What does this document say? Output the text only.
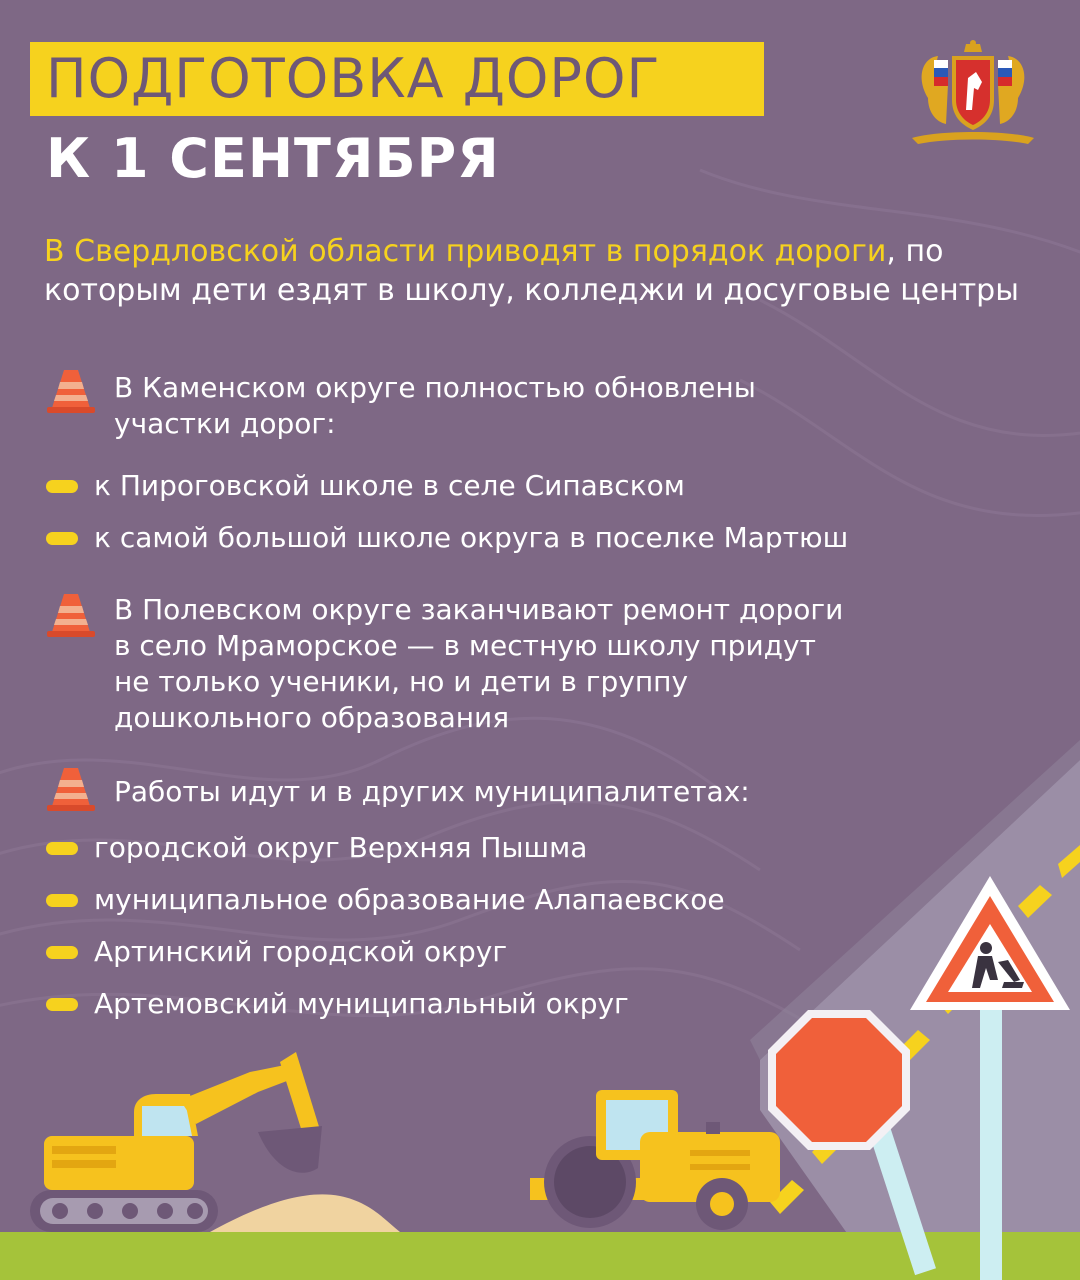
ПОДГОТОВКА ДОРОГ
К 1 СЕНТЯБРЯ
В Свердловской области приводят в порядок дороги, по которым дети ездят в школу, колледжи и досуговые центры
В Каменском округе полностью обновлены
участки дорог:
к Пироговской школе в селе Сипавском
к самой большой школе округа в поселке Мартюш
В Полевском округе заканчивают ремонт дороги
в село Мраморское — в местную школу придут
не только ученики, но и дети в группу
дошкольного образования
Работы идут и в других муниципалитетах:
городской округ Верхняя Пышма
муниципальное образование Алапаевское
Артинский городской округ
Артемовский муниципальный округ
